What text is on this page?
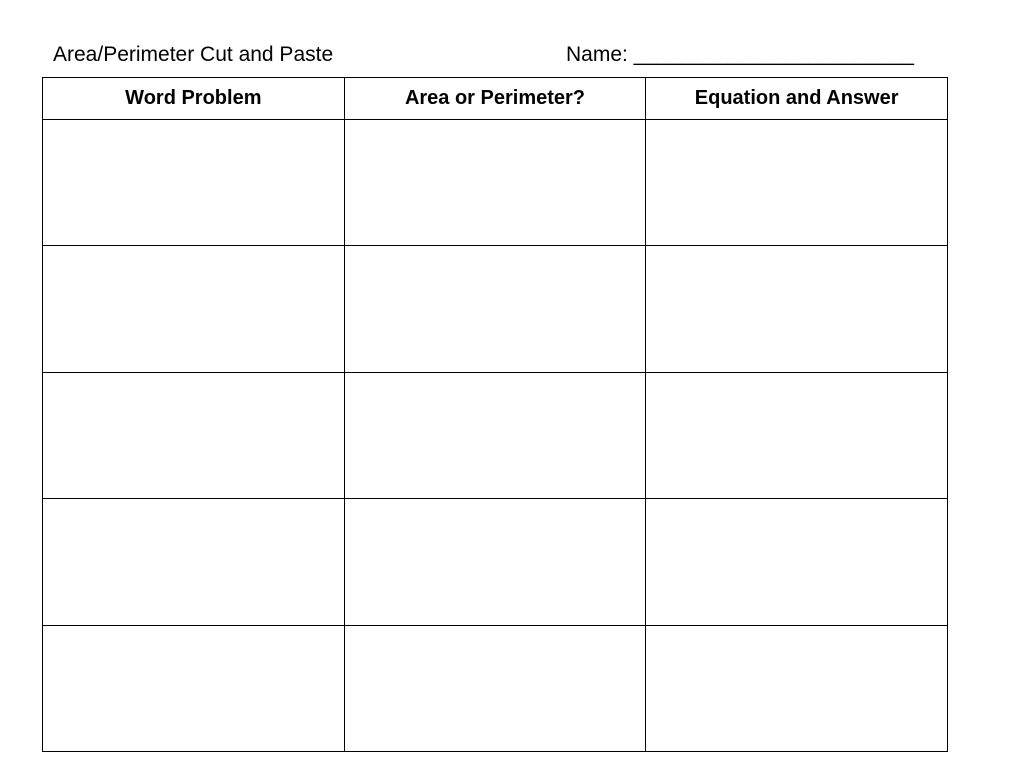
Area/Perimeter Cut and Paste	Name: ________________________
Word Problem	Area or Perimeter?	Equation and Answer
